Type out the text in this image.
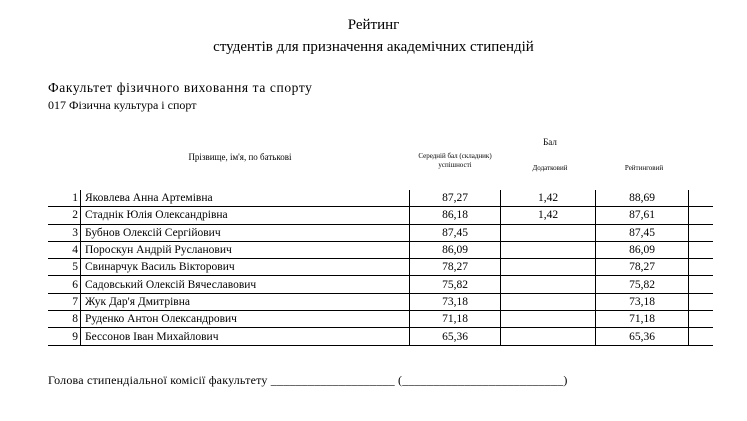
Рейтинг
студентів для призначення академічних стипендій
Факультет фізичного виховання та спорту
017 Фізична культура і спорт
Прізвище, ім'я, по батькові
Бал
Середній бал (складник) успішності	Додатковий	Рейтинговий
1	Яковлева Анна Артемівна	87,27	1,42	88,69	
2	Стаднік Юлія Олександрівна	86,18	1,42	87,61	
3	Бубнов Олексій Сергійович	87,45		87,45	
4	Пороскун Андрій Русланович	86,09		86,09	
5	Свинарчук Василь Вікторович	78,27		78,27	
6	Садовський Олексій Вячеславович	75,82		75,82	
7	Жук Дар'я Дмитрівна	73,18		73,18	
8	Руденко Антон Олександрович	71,18		71,18	
9	Бессонов Іван Михайлович	65,36		65,36	
Голова стипендіальної комісії факультету ____________________ (__________________________)
